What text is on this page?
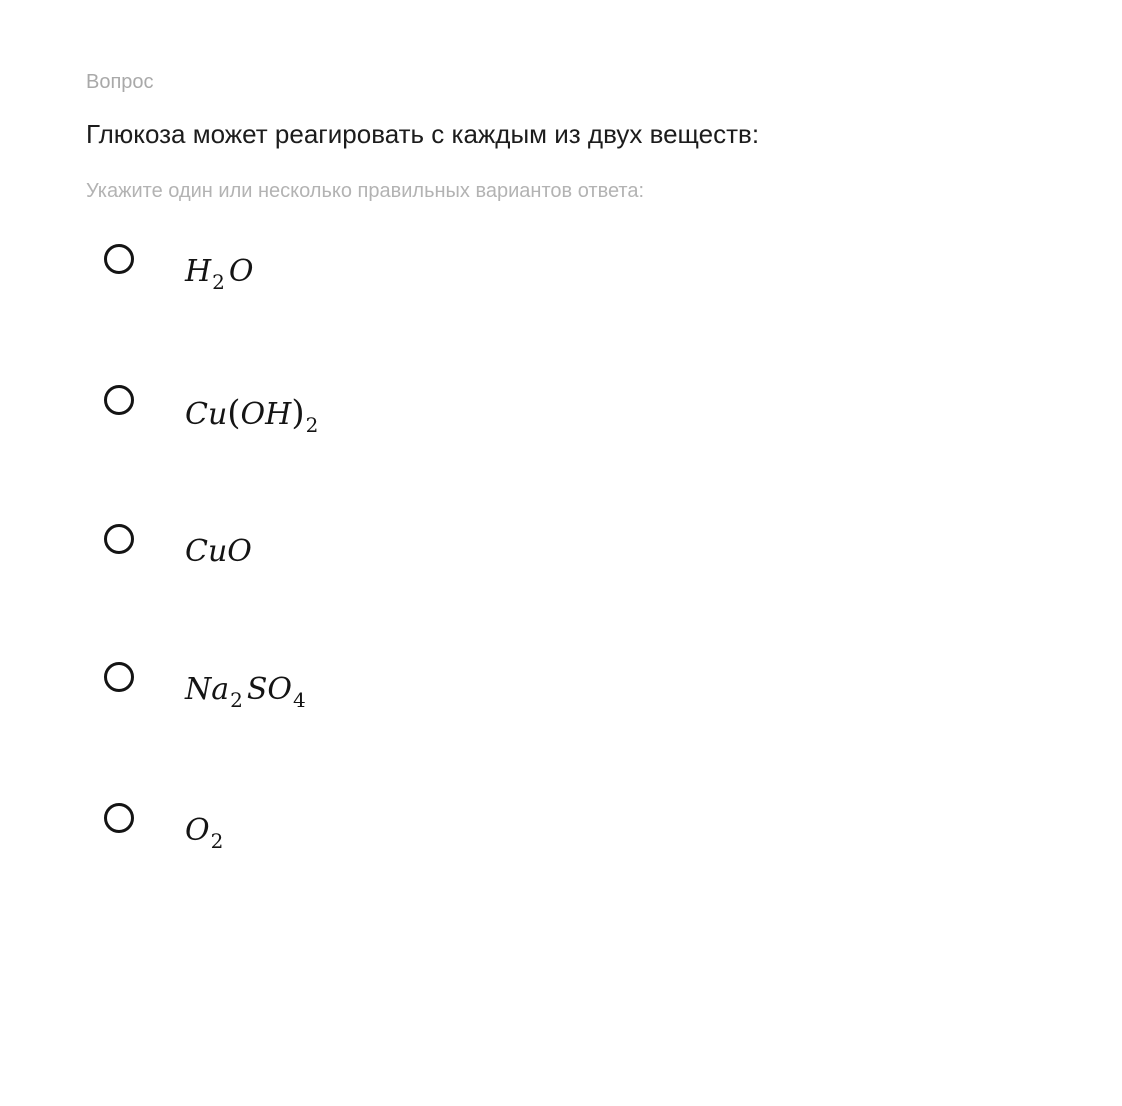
Вопрос
Глюкоза может реагировать с каждым из двух веществ:
Укажите один или несколько правильных вариантов ответа:
$H_2$ O
$Cu(OH)_2$
CuO
$Na_2$ $SO_4$
$O_2$
